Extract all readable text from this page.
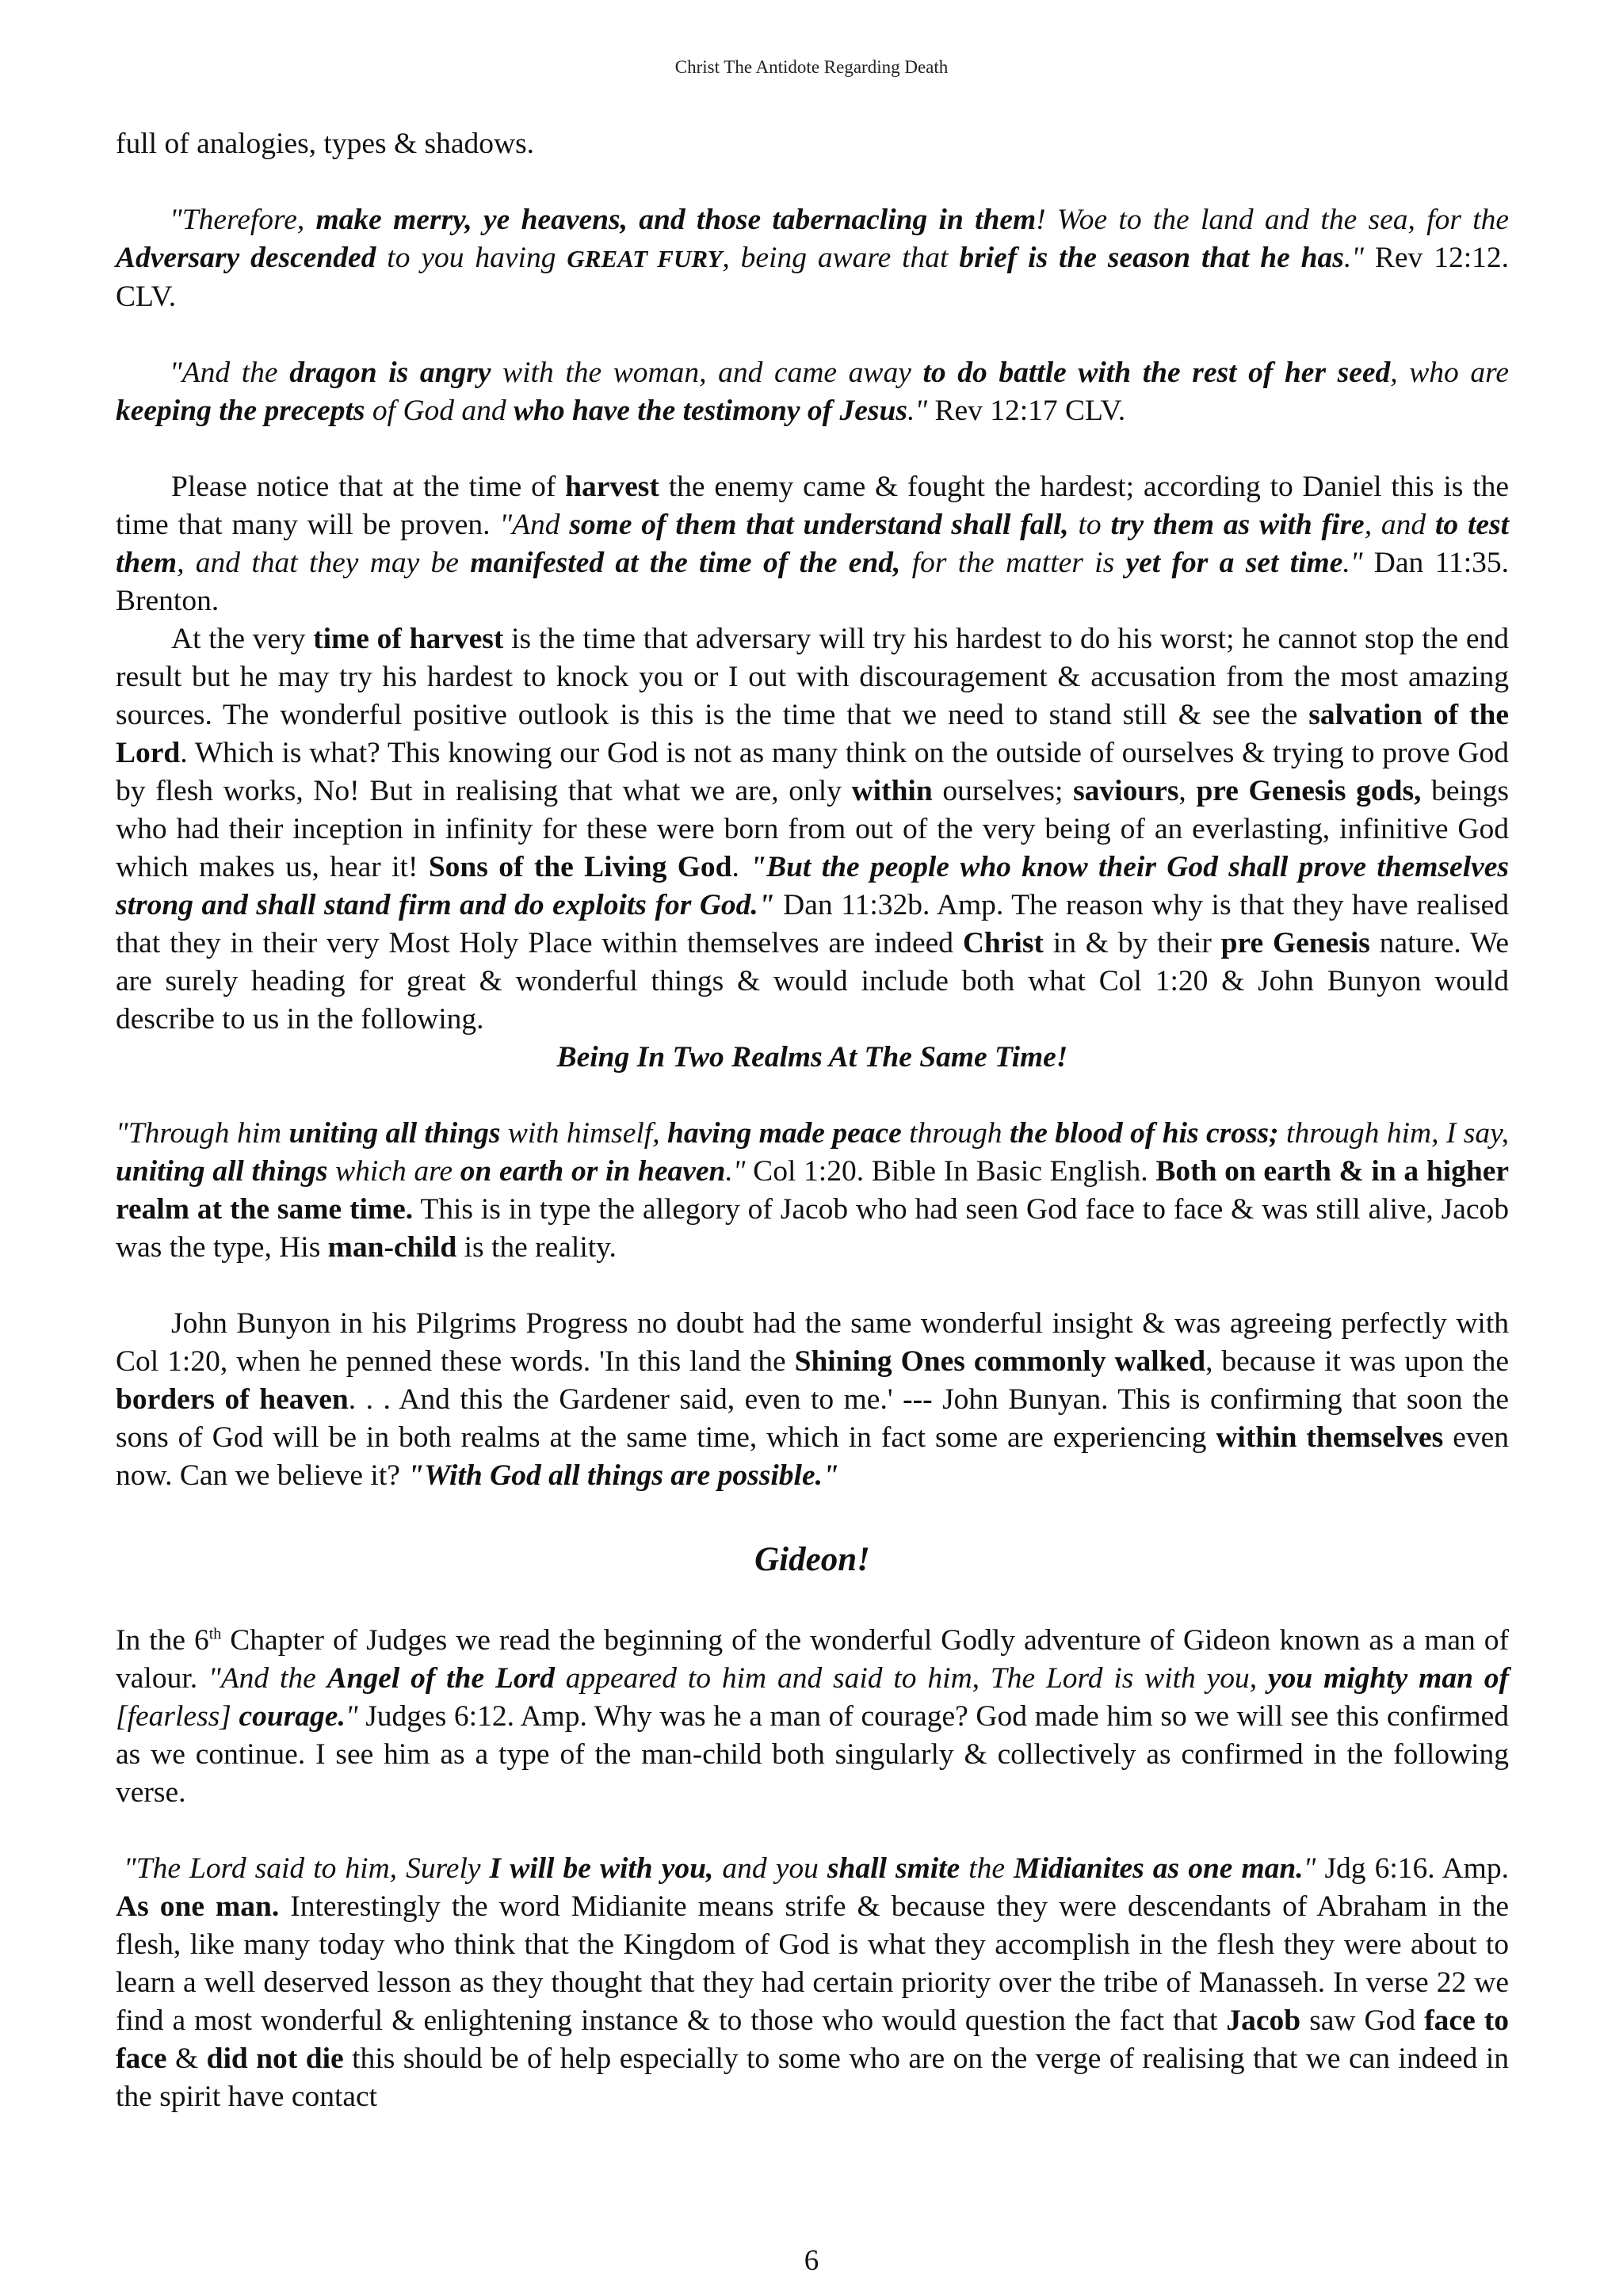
Christ The Antidote Regarding Death

full of analogies, types & shadows.

"Therefore, make merry, ye heavens, and those tabernacling in them! Woe to the land and the sea, for the Adversary descended to you having GREAT FURY, being aware that brief is the season that he has." Rev 12:12. CLV.

"And the dragon is angry with the woman, and came away to do battle with the rest of her seed, who are keeping the precepts of God and who have the testimony of Jesus." Rev 12:17 CLV.

Please notice that at the time of harvest the enemy came & fought the hardest; according to Daniel this is the time that many will be proven. "And some of them that understand shall fall, to try them as with fire, and to test them, and that they may be manifested at the time of the end, for the matter is yet for a set time." Dan 11:35. Brenton.

At the very time of harvest is the time that adversary will try his hardest to do his worst; he cannot stop the end result but he may try his hardest to knock you or I out with discouragement & accusation from the most amazing sources. The wonderful positive outlook is this is the time that we need to stand still & see the salvation of the Lord. Which is what? This knowing our God is not as many think on the outside of ourselves & trying to prove God by flesh works, No! But in realising that what we are, only within ourselves; saviours, pre Genesis gods, beings who had their inception in infinity for these were born from out of the very being of an everlasting, infinitive God which makes us, hear it! Sons of the Living God. "But the people who know their God shall prove themselves strong and shall stand firm and do exploits for God." Dan 11:32b. Amp. The reason why is that they have realised that they in their very Most Holy Place within themselves are indeed Christ in & by their pre Genesis nature. We are surely heading for great & wonderful things & would include both what Col 1:20 & John Bunyon would describe to us in the following.

Being In Two Realms At The Same Time!

"Through him uniting all things with himself, having made peace through the blood of his cross; through him, I say, uniting all things which are on earth or in heaven." Col 1:20. Bible In Basic English. Both on earth & in a higher realm at the same time. This is in type the allegory of Jacob who had seen God face to face & was still alive, Jacob was the type, His man-child is the reality.

John Bunyon in his Pilgrims Progress no doubt had the same wonderful insight & was agreeing perfectly with Col 1:20, when he penned these words. 'In this land the Shining Ones commonly walked, because it was upon the borders of heaven. . . And this the Gardener said, even to me.' --- John Bunyan. This is confirming that soon the sons of God will be in both realms at the same time, which in fact some are experiencing within themselves even now. Can we believe it? "With God all things are possible."

Gideon!

In the 6th Chapter of Judges we read the beginning of the wonderful Godly adventure of Gideon known as a man of valour. "And the Angel of the Lord appeared to him and said to him, The Lord is with you, you mighty man of [fearless] courage." Judges 6:12. Amp. Why was he a man of courage? God made him so we will see this confirmed as we continue. I see him as a type of the man-child both singularly & collectively as confirmed in the following verse.

"The Lord said to him, Surely I will be with you, and you shall smite the Midianites as one man." Jdg 6:16. Amp. As one man. Interestingly the word Midianite means strife & because they were descendants of Abraham in the flesh, like many today who think that the Kingdom of God is what they accomplish in the flesh they were about to learn a well deserved lesson as they thought that they had certain priority over the tribe of Manasseh. In verse 22 we find a most wonderful & enlightening instance & to those who would question the fact that Jacob saw God face to face & did not die this should be of help especially to some who are on the verge of realising that we can indeed in the spirit have contact

6
